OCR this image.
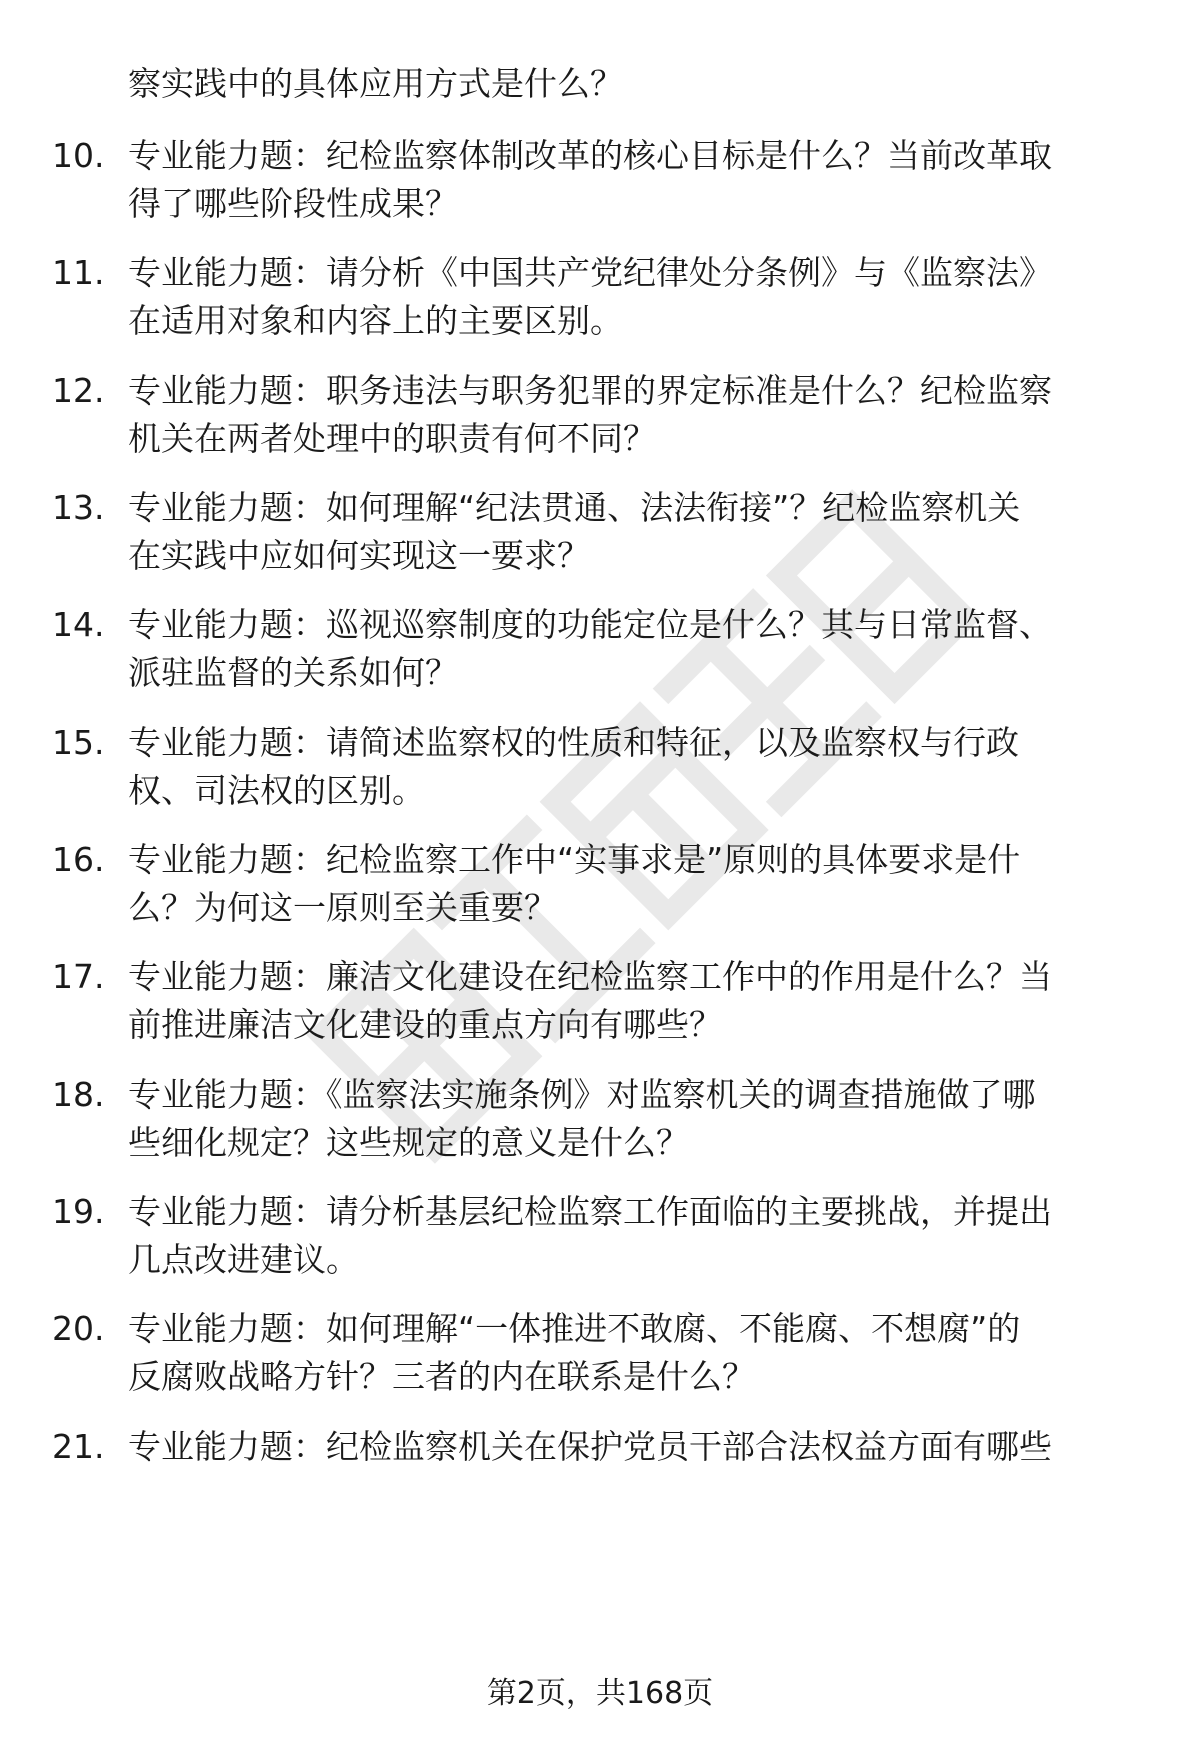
察实践中的具体应用方式是什么？
10. 专业能力题：纪检监察体制改革的核心目标是什么？当前改革取
得了哪些阶段性成果？
11. 专业能力题：请分析《中国共产党纪律处分条例》与《监察法》
在适用对象和内容上的主要区别。
12. 专业能力题：职务违法与职务犯罪的界定标准是什么？纪检监察
机关在两者处理中的职责有何不同？
13. 专业能力题：如何理解“纪法贯通、法法衔接”？纪检监察机关
在实践中应如何实现这一要求？
14. 专业能力题：巡视巡察制度的功能定位是什么？其与日常监督、
派驻监督的关系如何？
15. 专业能力题：请简述监察权的性质和特征，以及监察权与行政
权、司法权的区别。
16. 专业能力题：纪检监察工作中“实事求是”原则的具体要求是什
么？为何这一原则至关重要？
17. 专业能力题：廉洁文化建设在纪检监察工作中的作用是什么？当
前推进廉洁文化建设的重点方向有哪些？
18. 专业能力题：《监察法实施条例》对监察机关的调查措施做了哪
些细化规定？这些规定的意义是什么？
19. 专业能力题：请分析基层纪检监察工作面临的主要挑战，并提出
几点改进建议。
20. 专业能力题：如何理解“一体推进不敢腐、不能腐、不想腐”的
反腐败战略方针？三者的内在联系是什么？
21. 专业能力题：纪检监察机关在保护党员干部合法权益方面有哪些
第2页，共168页
